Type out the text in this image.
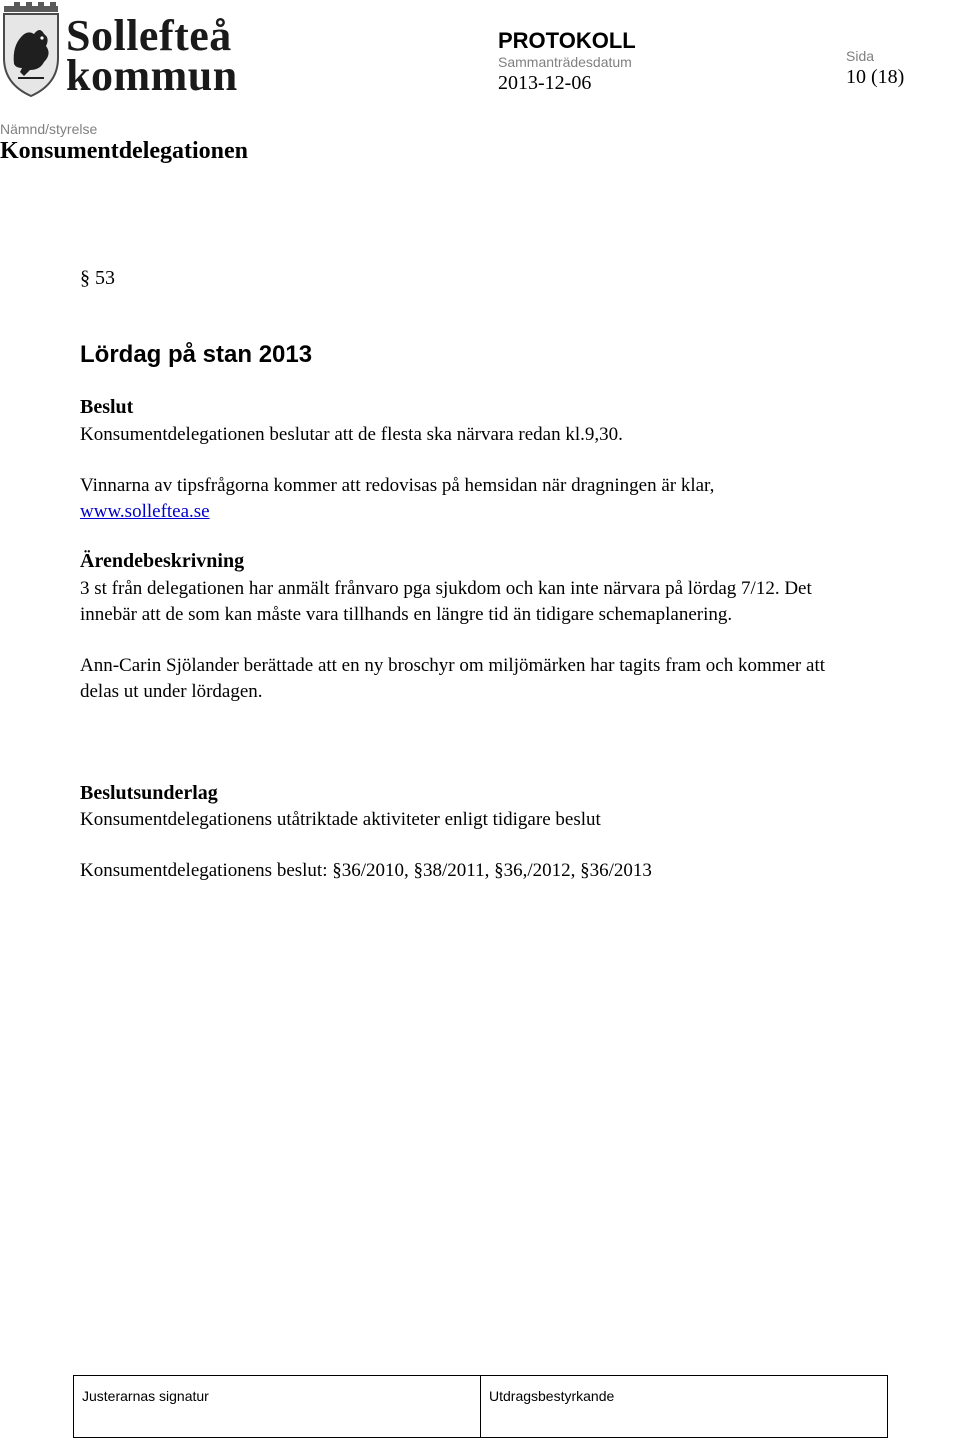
Sollefteå
kommun
PROTOKOLL
Sammanträdesdatum
2013-12-06
Sida
10 (18)
Nämnd/styrelse
Konsumentdelegationen
§ 53
Lördag på stan 2013
Beslut
Konsumentdelegationen beslutar att de flesta ska närvara redan kl.9,30.
Vinnarna av tipsfrågorna kommer att redovisas på hemsidan när dragningen är klar,
www.solleftea.se
Ärendebeskrivning
3 st från delegationen har anmält frånvaro pga sjukdom och kan inte närvara på lördag 7/12. Det
innebär att de som kan måste vara tillhands en längre tid än tidigare schemaplanering.
Ann-Carin Sjölander berättade att en ny broschyr om miljömärken har tagits fram och kommer att
delas ut under lördagen.
Beslutsunderlag
Konsumentdelegationens utåtriktade aktiviteter enligt tidigare beslut
Konsumentdelegationens beslut: §36/2010, §38/2011, §36,/2012, §36/2013
Justerarnas signatur	Utdragsbestyrkande
